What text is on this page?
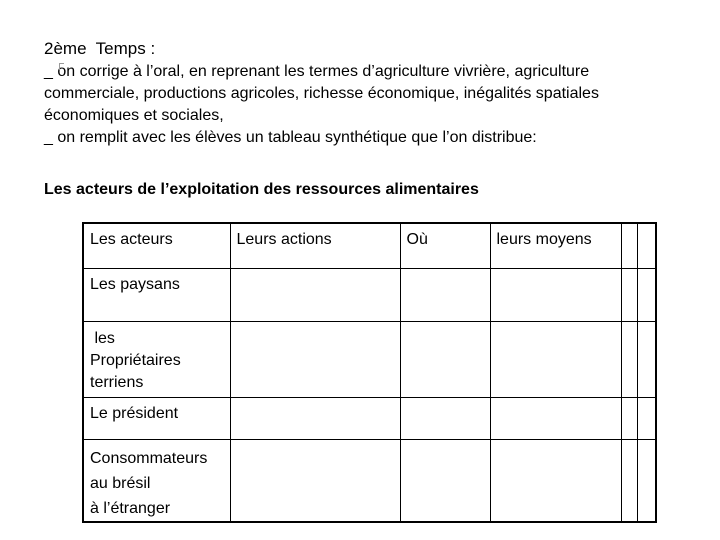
2ème  Temps :
_ on corrige à l’oral, en reprenant les termes d’agriculture vivrière, agriculture
commerciale, productions agricoles, richesse économique, inégalités spatiales
économiques et sociales,
_ on remplit avec les élèves un tableau synthétique que l’on distribue:
Les acteurs de l’exploitation des ressources alimentaires
Les acteurs	Leurs actions	Où	leurs moyens		

Les paysans					

les
Propriétaires
terriens					

Le président					

Consommateurs
au brésil
à l’étranger					
